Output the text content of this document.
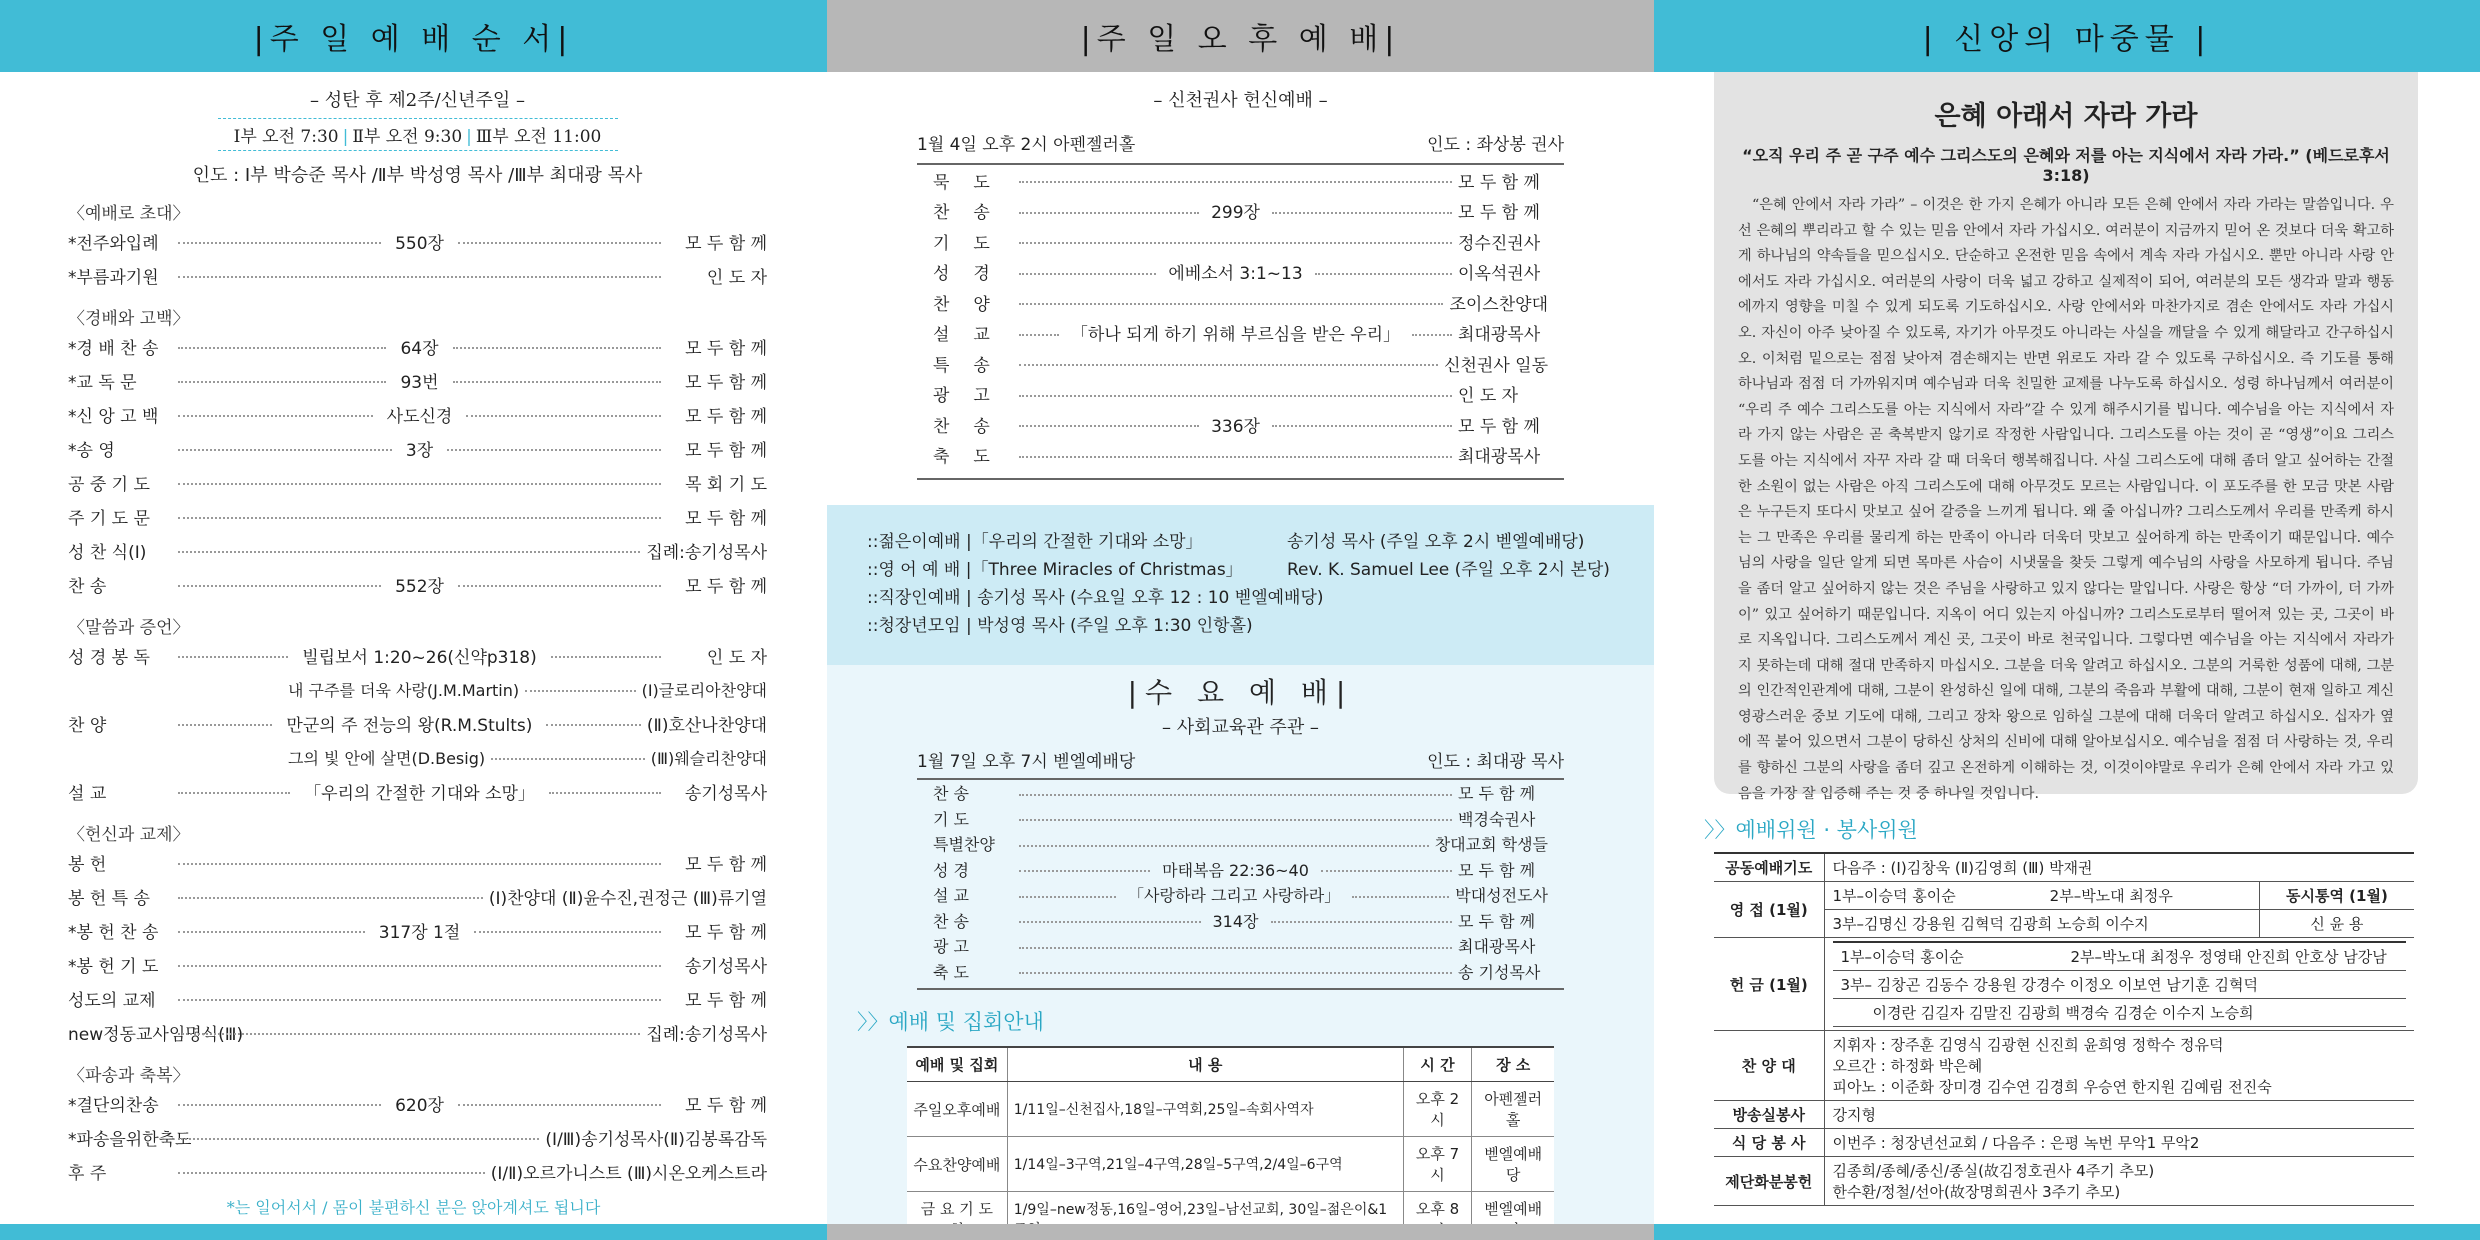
|주 일 예 배 순 서|
– 성탄 후 제2주/신년주일 –
Ⅰ부 오전 7:30 | Ⅱ부 오전 9:30 | Ⅲ부 오전 11:00
인도 : Ⅰ부 박승준 목사 /Ⅱ부 박성영 목사 /Ⅲ부 최대광 목사
〈예배로 초대〉
*전주와입례	550장	모 두 함 께
*부름과기원	인 도 자
〈경배와 고백〉
*경 배 찬 송	64장	모 두 함 께
*교 독 문	93번	모 두 함 께
*신 앙 고 백	사도신경	모 두 함 께
*송 영	3장	모 두 함 께
공 중 기 도	목 회 기 도
주 기 도 문	모 두 함 께
성 찬 식(Ⅰ)	집례:송기성목사
찬 송	552장	모 두 함 께
〈말씀과 증언〉
성 경 봉 독	빌립보서 1:20~26(신약p318)	인 도 자
내 구주를 더욱 사랑(J.M.Martin)	(Ⅰ)글로리아찬양대
찬 양	만군의 주 전능의 왕(R.M.Stults)	(Ⅱ)호산나찬양대
그의 빛 안에 살면(D.Besig)	(Ⅲ)웨슬리찬양대
설 교	「우리의 간절한 기대와 소망」	송기성목사
〈헌신과 교제〉
봉 헌	모 두 함 께
봉 헌 특 송	(Ⅰ)찬양대 (Ⅱ)윤수진,권정근 (Ⅲ)류기열
*봉 헌 찬 송	317장 1절	모 두 함 께
*봉 헌 기 도	송기성목사
성도의 교제	모 두 함 께
new정동교사임명식(Ⅲ)	집례:송기성목사
〈파송과 축복〉
*결단의찬송	620장	모 두 함 께
*파송을위한축도	(Ⅰ/Ⅲ)송기성목사(Ⅱ)김봉록감독
후 주	(Ⅰ/Ⅱ)오르가니스트 (Ⅲ)시온오케스트라
*는 일어서서 / 몸이 불편하신 분은 앉아계셔도 됩니다
|주 일 오 후 예 배|
– 신천권사 헌신예배 –
1월 4일 오후 2시 아펜젤러홀	인도 : 좌상봉 권사
묵도	모 두 함 께
찬송	299장	모 두 함 께
기도	정수진권사
성경	에베소서 3:1~13	이옥석권사
찬양	조이스찬양대
설교	「하나 되게 하기 위해 부르심을 받은 우리」	최대광목사
특송	신천권사 일동
광고	인 도 자
찬송	336장	모 두 함 께
축도	최대광목사
::젊은이예배 |「우리의 간절한 기대와 소망」	송기성 목사 (주일 오후 2시 벧엘예배당)
::영 어 예 배 |「Three Miracles of Christmas」	Rev. K. Samuel Lee (주일 오후 2시 본당)
::직장인예배 | 송기성 목사 (수요일 오후 12 : 10 벧엘예배당)
::청장년모임 | 박성영 목사 (주일 오후 1:30 인항홀)
|수 요 예 배|
– 사회교육관 주관 –
1월 7일 오후 7시 벧엘예배당	인도 : 최대광 목사
찬 송	모 두 함 께
기 도	백경숙권사
특별찬양	창대교회 학생들
성 경	마태복음 22:36~40	모 두 함 께
설 교	「사랑하라 그리고 사랑하라」	박대성전도사
찬 송	314장	모 두 함 께
광 고	최대광목사
축 도	송 기성목사
〉〉예배 및 집회안내
예배 및 집회	내 용	시 간	장 소
주일오후예배	1/11일–신천집사,18일–구역회,25일–속회사역자	오후 2시	아펜젤러홀
수요찬양예배	1/14일–3구역,21일–4구역,28일–5구역,2/4일–6구역	오후 7시	벧엘예배당
금 요 기 도	1/9일–new정동,16일–영어,23일–남선교회, 30일–젊은이&1	오후 8	벧엘예배
| 신앙의 마중물 |
은혜 아래서 자라 가라
“오직 우리 주 곧 구주 예수 그리스도의 은혜와 저를 아는 지식에서 자라 가라.” (베드로후서 3:18)
“은혜 안에서 자라 가라” – 이것은 한 가지 은혜가 아니라 모든 은혜 안에서 자라 가라는 말씀입니다. 우선 은혜의 뿌리라고 할 수 있는 믿음 안에서 자라 가십시오. 여러분이 지금까지 믿어 온 것보다 더욱 확고하게 하나님의 약속들을 믿으십시오. 단순하고 온전한 믿음 속에서 계속 자라 가십시오. 뿐만 아니라 사랑 안에서도 자라 가십시오. 여러분의 사랑이 더욱 넓고 강하고 실제적이 되어, 여러분의 모든 생각과 말과 행동에까지 영향을 미칠 수 있게 되도록 기도하십시오. 사랑 안에서와 마찬가지로 겸손 안에서도 자라 가십시오. 자신이 아주 낮아질 수 있도록, 자기가 아무것도 아니라는 사실을 깨달을 수 있게 해달라고 간구하십시오. 이처럼 밑으로는 점점 낮아져 겸손해지는 반면 위로도 자라 갈 수 있도록 구하십시오. 즉 기도를 통해 하나님과 점점 더 가까워지며 예수님과 더욱 친밀한 교제를 나누도록 하십시오. 성령 하나님께서 여러분이 “우리 주 예수 그리스도를 아는 지식에서 자라”갈 수 있게 해주시기를 빕니다. 예수님을 아는 지식에서 자라 가지 않는 사람은 곧 축복받지 않기로 작정한 사람입니다. 그리스도를 아는 것이 곧 “영생”이요 그리스도를 아는 지식에서 자꾸 자라 갈 때 더욱더 행복해집니다. 사실 그리스도에 대해 좀더 알고 싶어하는 간절한 소원이 없는 사람은 아직 그리스도에 대해 아무것도 모르는 사람입니다. 이 포도주를 한 모금 맛본 사람은 누구든지 또다시 맛보고 싶어 갈증을 느끼게 됩니다. 왜 줄 아십니까? 그리스도께서 우리를 만족케 하시는 그 만족은 우리를 물리게 하는 만족이 아니라 더욱더 맛보고 싶어하게 하는 만족이기 때문입니다. 예수님의 사랑을 일단 알게 되면 목마른 사슴이 시냇물을 찾듯 그렇게 예수님의 사랑을 사모하게 됩니다. 주님을 좀더 알고 싶어하지 않는 것은 주님을 사랑하고 있지 않다는 말입니다. 사랑은 항상 “더 가까이, 더 가까이” 있고 싶어하기 때문입니다. 지옥이 어디 있는지 아십니까? 그리스도로부터 떨어져 있는 곳, 그곳이 바로 지옥입니다. 그리스도께서 계신 곳, 그곳이 바로 천국입니다. 그렇다면 예수님을 아는 지식에서 자라가지 못하는데 대해 절대 만족하지 마십시오. 그분을 더욱 알려고 하십시오. 그분의 거룩한 성품에 대해, 그분의 인간적인관계에 대해, 그분이 완성하신 일에 대해, 그분의 죽음과 부활에 대해, 그분이 현재 일하고 계신 영광스러운 중보 기도에 대해, 그리고 장차 왕으로 임하실 그분에 대해 더욱더 알려고 하십시오. 십자가 옆에 꼭 붙어 있으면서 그분이 당하신 상처의 신비에 대해 알아보십시오. 예수님을 점점 더 사랑하는 것, 우리를 향하신 그분의 사랑을 좀더 깊고 온전하게 이해하는 것, 이것이야말로 우리가 은혜 안에서 자라 가고 있음을 가장 잘 입증해 주는 것 중 하나일 것입니다.
〉〉예배위원 · 봉사위원
공동예배기도	다음주 : (Ⅰ)김창욱 (Ⅱ)김영희 (Ⅲ) 박재권
영 접 (1월)	1부–이승덕 홍이순	2부–박노대 최정우	동시통역 (1월)
3부–김명신 강용원 김혁덕 김광희 노승희 이수지	신 윤 용
헌 금 (1월)	
1부–이승덕 홍이순	2부–박노대 최정우 정영태 안진희 안호상 남강남
3부– 김창곤 김동수 강용원 강경수 이정오 이보연 남기훈 김혁덕
이경란 김길자 김말진 김광희 백경숙 김경순 이수지 노승희

찬 양 대	
지휘자 : 장주훈 김영식 김광현 신진희 윤희영 정학수 정유덕
오르간 : 하정화 박은혜
피아노 : 이준화 장미경 김수연 김경희 우승연 한지원 김예림 전진숙

방송실봉사	강지형
식 당 봉 사	이번주 : 청장년선교회 / 다음주 : 은평 녹번 무악1 무악2
제단화분봉헌	
김종희/종혜/종신/종실(故김정호권사 4주기 추모)
한수환/정철/선아(故장명희권사 3주기 추모)
